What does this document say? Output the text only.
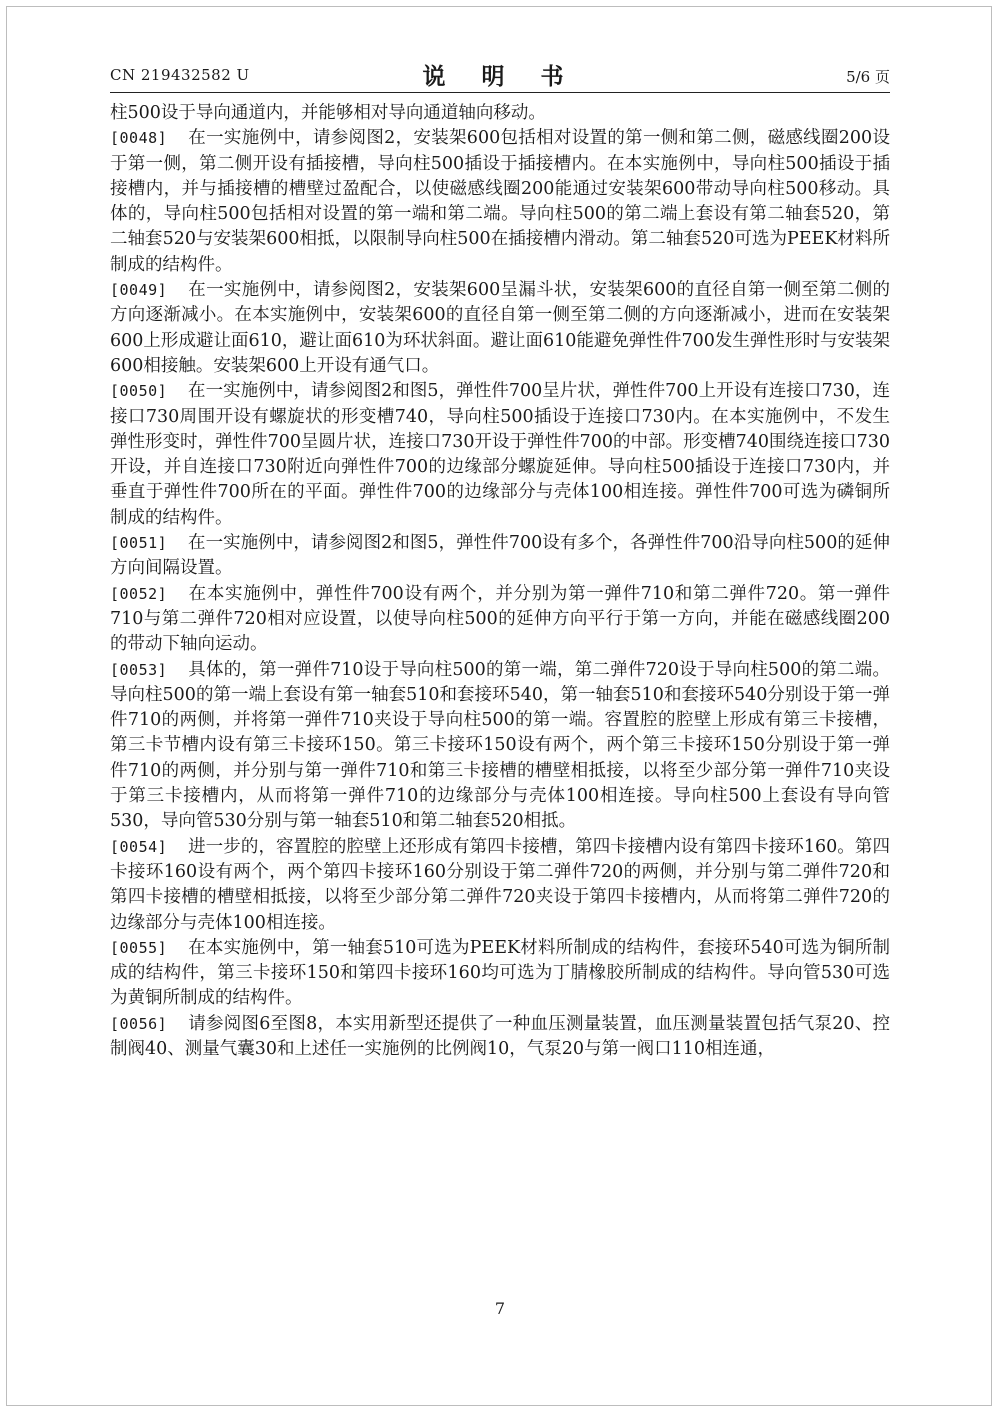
CN 219432582 U	说 明 书	5/6 页

柱500设于导向通道内，并能够相对导向通道轴向移动。

[0048] 在一实施例中，请参阅图2，安装架600包括相对设置的第一侧和第二侧，磁感线圈200设于第一侧，第二侧开设有插接槽，导向柱500插设于插接槽内。在本实施例中，导向柱500插设于插接槽内，并与插接槽的槽壁过盈配合，以使磁感线圈200能通过安装架600带动导向柱500移动。具体的，导向柱500包括相对设置的第一端和第二端。导向柱500的第二端上套设有第二轴套520，第二轴套520与安装架600相抵，以限制导向柱500在插接槽内滑动。第二轴套520可选为PEEK材料所制成的结构件。

[0049] 在一实施例中，请参阅图2，安装架600呈漏斗状，安装架600的直径自第一侧至第二侧的方向逐渐减小。在本实施例中，安装架600的直径自第一侧至第二侧的方向逐渐减小，进而在安装架600上形成避让面610，避让面610为环状斜面。避让面610能避免弹性件700发生弹性形时与安装架600相接触。安装架600上开设有通气口。

[0050] 在一实施例中，请参阅图2和图5，弹性件700呈片状，弹性件700上开设有连接口730，连接口730周围开设有螺旋状的形变槽740，导向柱500插设于连接口730内。在本实施例中，不发生弹性形变时，弹性件700呈圆片状，连接口730开设于弹性件700的中部。形变槽740围绕连接口730开设，并自连接口730附近向弹性件700的边缘部分螺旋延伸。导向柱500插设于连接口730内，并垂直于弹性件700所在的平面。弹性件700的边缘部分与壳体100相连接。弹性件700可选为磷铜所制成的结构件。

[0051] 在一实施例中，请参阅图2和图5，弹性件700设有多个，各弹性件700沿导向柱500的延伸方向间隔设置。

[0052] 在本实施例中，弹性件700设有两个，并分别为第一弹件710和第二弹件720。第一弹件710与第二弹件720相对应设置，以使导向柱500的延伸方向平行于第一方向，并能在磁感线圈200的带动下轴向运动。

[0053] 具体的，第一弹件710设于导向柱500的第一端，第二弹件720设于导向柱500的第二端。导向柱500的第一端上套设有第一轴套510和套接环540，第一轴套510和套接环540分别设于第一弹件710的两侧，并将第一弹件710夹设于导向柱500的第一端。容置腔的腔壁上形成有第三卡接槽，第三卡节槽内设有第三卡接环150。第三卡接环150设有两个，两个第三卡接环150分别设于第一弹件710的两侧，并分别与第一弹件710和第三卡接槽的槽壁相抵接，以将至少部分第一弹件710夹设于第三卡接槽内，从而将第一弹件710的边缘部分与壳体100相连接。导向柱500上套设有导向管530，导向管530分别与第一轴套510和第二轴套520相抵。

[0054] 进一步的，容置腔的腔壁上还形成有第四卡接槽，第四卡接槽内设有第四卡接环160。第四卡接环160设有两个，两个第四卡接环160分别设于第二弹件720的两侧，并分别与第二弹件720和第四卡接槽的槽壁相抵接，以将至少部分第二弹件720夹设于第四卡接槽内，从而将第二弹件720的边缘部分与壳体100相连接。

[0055] 在本实施例中，第一轴套510可选为PEEK材料所制成的结构件，套接环540可选为铜所制成的结构件，第三卡接环150和第四卡接环160均可选为丁腈橡胶所制成的结构件。导向管530可选为黄铜所制成的结构件。

[0056] 请参阅图6至图8，本实用新型还提供了一种血压测量装置，血压测量装置包括气泵20、控制阀40、测量气囊30和上述任一实施例的比例阀10，气泵20与第一阀口110相连通，

7
